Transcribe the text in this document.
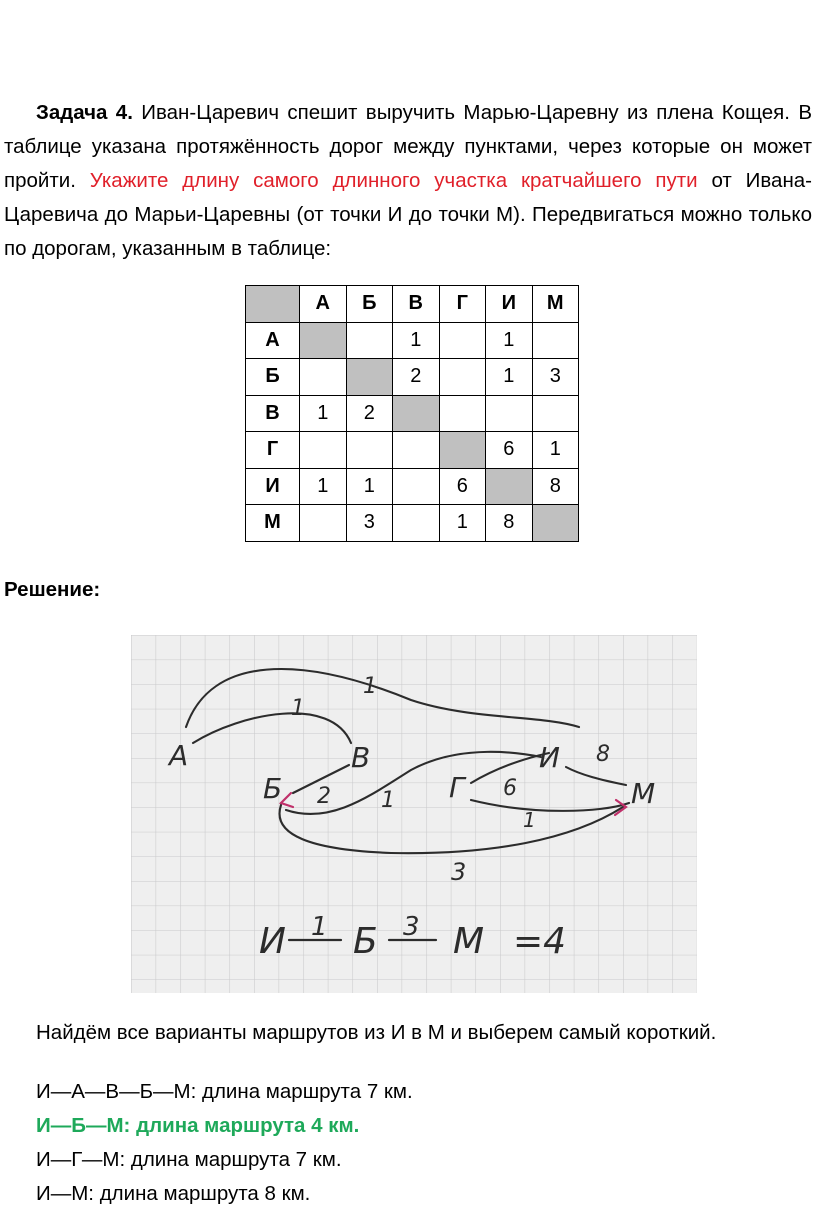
Задача 4. Иван-Царевич спешит выручить Марью-Царевну из плена Кощея. В таблице указана протяжённость дорог между пунктами, через которые он может пройти. Укажите длину самого длинного участка кратчайшего пути от Ивана-Царевича до Марьи-Царевны (от точки И до точки М). Передвигаться можно только по дорогам, указанным в таблице:
	А	Б	В	Г	И	М
А			1		1	
Б			2		1	3
В	1	2				
Г					6	1
И	1	1		6		8
М		3		1	8	
Решение:
А	В
Б	Г
И
М
1
1
2 1	6
8
1
3
И 1 Б 3 М =4
Найдём все варианты маршрутов из И в М и выберем самый короткий.
И—А—В—Б—М: длина маршрута 7 км.
И—Б—М: длина маршрута 4 км.
И—Г—М: длина маршрута 7 км.
И—М: длина маршрута 8 км.
